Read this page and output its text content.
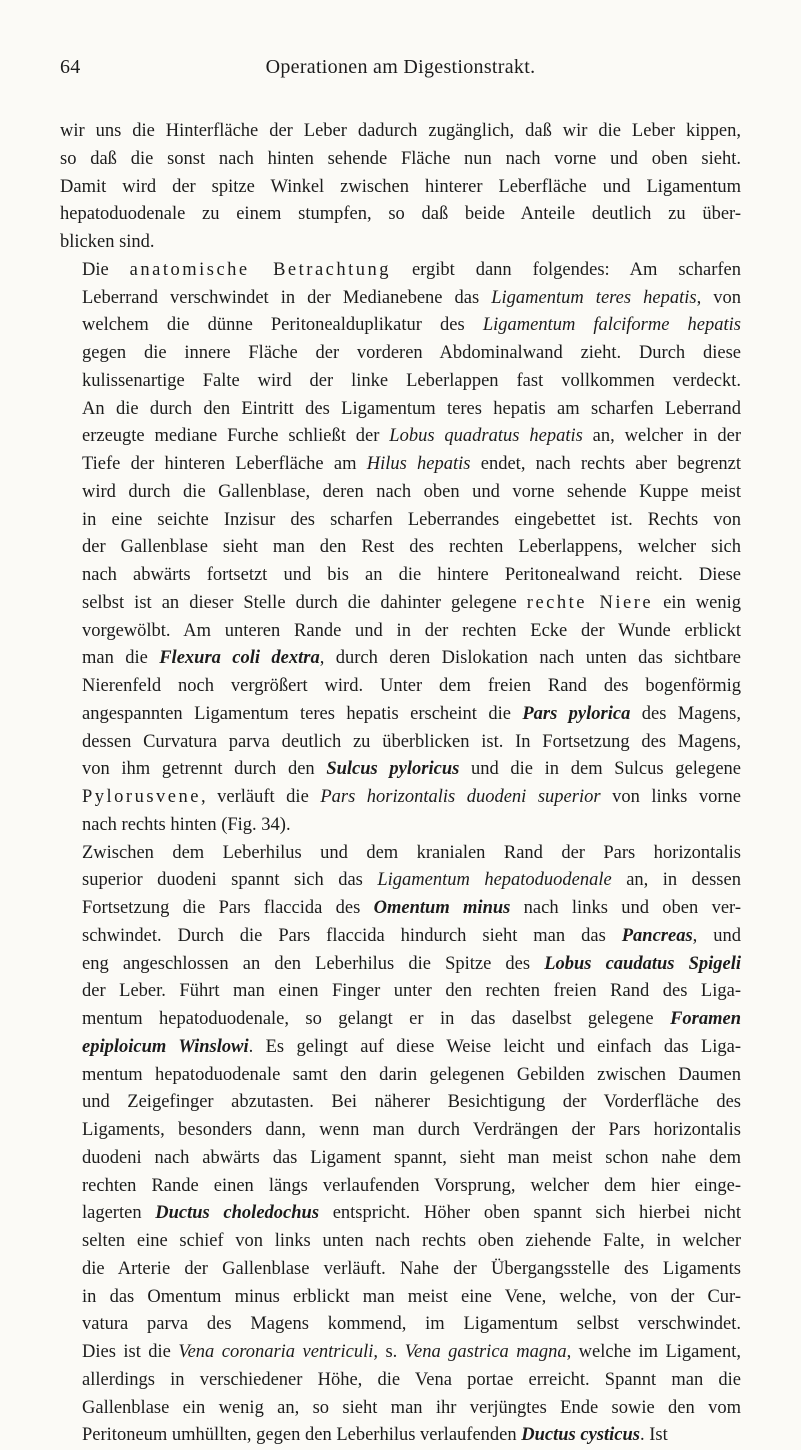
64	Operationen am Digestionstrakt.

wir uns die Hinterfläche der Leber dadurch zugänglich, daß wir die Leber kippen,
so daß die sonst nach hinten sehende Fläche nun nach vorne und oben sieht.
Damit wird der spitze Winkel zwischen hinterer Leberfläche und Ligamentum
hepatoduodenale zu einem stumpfen, so daß beide Anteile deutlich zu über-
blicken sind.

Die anatomische Betrachtung ergibt dann folgendes: Am scharfen
Leberrand verschwindet in der Medianebene das Ligamentum teres hepatis, von
welchem die dünne Peritonealduplikatur des Ligamentum falciforme hepatis
gegen die innere Fläche der vorderen Abdominalwand zieht. Durch diese
kulissenartige Falte wird der linke Leberlappen fast vollkommen verdeckt.
An die durch den Eintritt des Ligamentum teres hepatis am scharfen Leberrand
erzeugte mediane Furche schließt der Lobus quadratus hepatis an, welcher in der
Tiefe der hinteren Leberfläche am Hilus hepatis endet, nach rechts aber begrenzt
wird durch die Gallenblase, deren nach oben und vorne sehende Kuppe meist
in eine seichte Inzisur des scharfen Leberrandes eingebettet ist. Rechts von
der Gallenblase sieht man den Rest des rechten Leberlappens, welcher sich
nach abwärts fortsetzt und bis an die hintere Peritonealwand reicht. Diese
selbst ist an dieser Stelle durch die dahinter gelegene rechte Niere ein wenig
vorgewölbt. Am unteren Rande und in der rechten Ecke der Wunde erblickt
man die Flexura coli dextra, durch deren Dislokation nach unten das sichtbare
Nierenfeld noch vergrößert wird. Unter dem freien Rand des bogenförmig
angespannten Ligamentum teres hepatis erscheint die Pars pylorica des Magens,
dessen Curvatura parva deutlich zu überblicken ist. In Fortsetzung des Magens,
von ihm getrennt durch den Sulcus pyloricus und die in dem Sulcus gelegene
Pylorusvene, verläuft die Pars horizontalis duodeni superior von links vorne
nach rechts hinten (Fig. 34).

Zwischen dem Leberhilus und dem kranialen Rand der Pars horizontalis
superior duodeni spannt sich das Ligamentum hepatoduodenale an, in dessen
Fortsetzung die Pars flaccida des Omentum minus nach links und oben ver-
schwindet. Durch die Pars flaccida hindurch sieht man das Pancreas, und
eng angeschlossen an den Leberhilus die Spitze des Lobus caudatus Spigeli
der Leber. Führt man einen Finger unter den rechten freien Rand des Liga-
mentum hepatoduodenale, so gelangt er in das daselbst gelegene Foramen
epiploicum Winslowi. Es gelingt auf diese Weise leicht und einfach das Liga-
mentum hepatoduodenale samt den darin gelegenen Gebilden zwischen Daumen
und Zeigefinger abzutasten. Bei näherer Besichtigung der Vorderfläche des
Ligaments, besonders dann, wenn man durch Verdrängen der Pars horizontalis
duodeni nach abwärts das Ligament spannt, sieht man meist schon nahe dem
rechten Rande einen längs verlaufenden Vorsprung, welcher dem hier einge-
lagerten Ductus choledochus entspricht. Höher oben spannt sich hierbei nicht
selten eine schief von links unten nach rechts oben ziehende Falte, in welcher
die Arterie der Gallenblase verläuft. Nahe der Übergangsstelle des Ligaments
in das Omentum minus erblickt man meist eine Vene, welche, von der Cur-
vatura parva des Magens kommend, im Ligamentum selbst verschwindet.
Dies ist die Vena coronaria ventriculi, s. Vena gastrica magna, welche im Ligament,
allerdings in verschiedener Höhe, die Vena portae erreicht. Spannt man die
Gallenblase ein wenig an, so sieht man ihr verjüngtes Ende sowie den vom
Peritoneum umhüllten, gegen den Leberhilus verlaufenden Ductus cysticus. Ist
